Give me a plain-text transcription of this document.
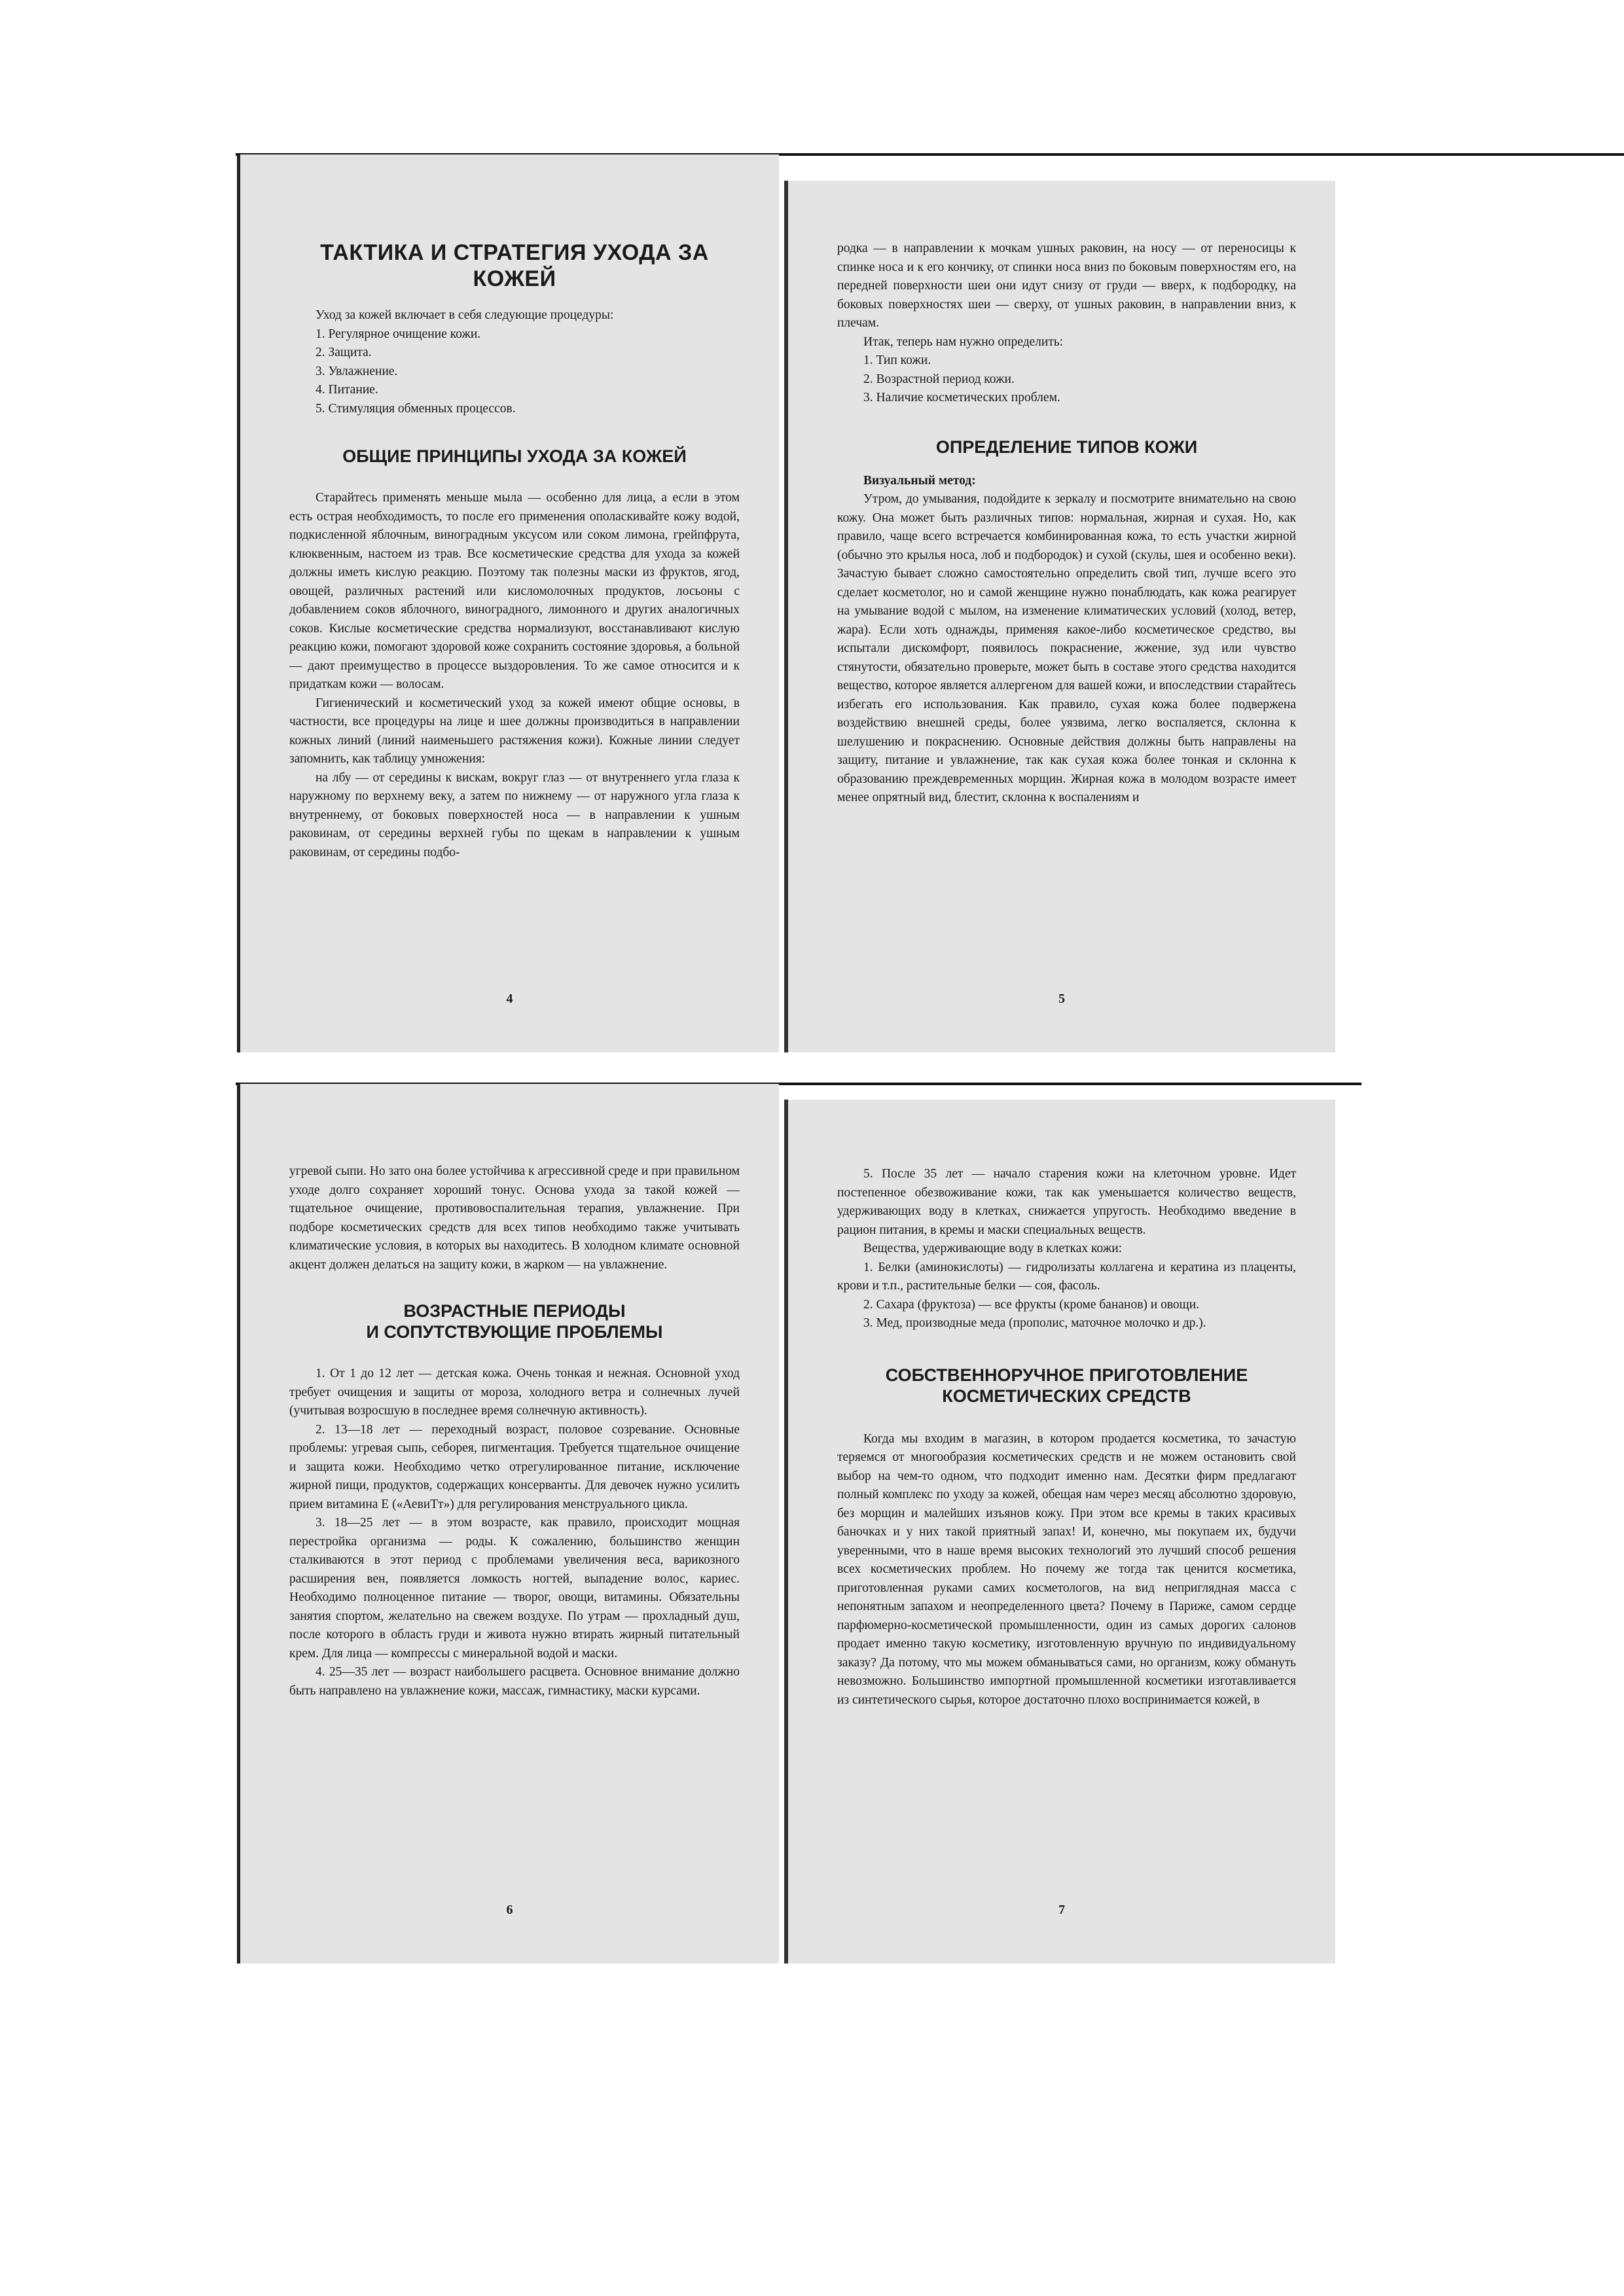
ТАКТИКА И СТРАТЕГИЯ УХОДА ЗА КОЖЕЙ

Уход за кожей включает в себя следующие процедуры:

1. Регулярное очищение кожи.
2. Защита.
3. Увлажнение.
4. Питание.
5. Стимуляция обменных процессов.
ОБЩИЕ ПРИНЦИПЫ УХОДА ЗА КОЖЕЙ

Старайтесь применять меньше мыла — особенно для лица, а если в этом есть острая необходимость, то после его применения ополаскивайте кожу водой, подкисленной яблочным, виноградным уксусом или соком лимона, грейпфрута, клюквенным, настоем из трав. Все косметические средства для ухода за кожей должны иметь кислую реакцию. Поэтому так полезны маски из фруктов, ягод, овощей, различных растений или кисломолочных продуктов, лосьоны с добавлением соков яблочного, виноградного, лимонного и других аналогичных соков. Кислые косметические средства нормализуют, восстанавливают кислую реакцию кожи, помогают здоровой коже сохранить состояние здоровья, а больной — дают преимущество в процессе выздоровления. То же самое относится и к придаткам кожи — волосам.

Гигиенический и косметический уход за кожей имеют общие основы, в частности, все процедуры на лице и шее должны производиться в направлении кожных линий (линий наименьшего растяжения кожи). Кожные линии следует запомнить, как таблицу умножения:

на лбу — от середины к вискам, вокруг глаз — от внутреннего угла глаза к наружному по верхнему веку, а затем по нижнему — от наружного угла глаза к внутреннему, от боковых поверхностей носа — в направлении к ушным раковинам, от середины верхней губы по щекам в направлении к ушным раковинам, от середины подбо-

4

родка — в направлении к мочкам ушных раковин, на носу — от переносицы к спинке носа и к его кончику, от спинки носа вниз по боковым поверхностям его, на передней поверхности шеи они идут снизу от груди — вверх, к подбородку, на боковых поверхностях шеи — сверху, от ушных раковин, в направлении вниз, к плечам.

Итак, теперь нам нужно определить:

1. Тип кожи.
2. Возрастной период кожи.
3. Наличие косметических проблем.
ОПРЕДЕЛЕНИЕ ТИПОВ КОЖИ
Визуальный метод:

Утром, до умывания, подойдите к зеркалу и посмотрите внимательно на свою кожу. Она может быть различных типов: нормальная, жирная и сухая. Но, как правило, чаще всего встречается комбинированная кожа, то есть участки жирной (обычно это крылья носа, лоб и подбородок) и сухой (скулы, шея и особенно веки). Зачастую бывает сложно самостоятельно определить свой тип, лучше всего это сделает косметолог, но и самой женщине нужно понаблюдать, как кожа реагирует на умывание водой с мылом, на изменение климатических условий (холод, ветер, жара). Если хоть однажды, применяя какое-либо косметическое средство, вы испытали дискомфорт, появилось покраснение, жжение, зуд или чувство стянутости, обязательно проверьте, может быть в составе этого средства находится вещество, которое является аллергеном для вашей кожи, и впоследствии старайтесь избегать его использования. Как правило, сухая кожа более подвержена воздействию внешней среды, более уязвима, легко воспаляется, склонна к шелушению и покраснению. Основные действия должны быть направлены на защиту, питание и увлажнение, так как сухая кожа более тонкая и склонна к образованию преждевременных морщин. Жирная кожа в молодом возрасте имеет менее опрятный вид, блестит, склонна к воспалениям и

5

угревой сыпи. Но зато она более устойчива к агрессивной среде и при правильном уходе долго сохраняет хороший тонус. Основа ухода за такой кожей — тщательное очищение, противовоспалительная терапия, увлажнение. При подборе косметических средств для всех типов необходимо также учитывать климатические условия, в которых вы находитесь. В холодном климате основной акцент должен делаться на защиту кожи, в жарком — на увлажнение.

ВОЗРАСТНЫЕ ПЕРИОДЫ
И СОПУТСТВУЮЩИЕ ПРОБЛЕМЫ

1. От 1 до 12 лет — детская кожа. Очень тонкая и нежная. Основной уход требует очищения и защиты от мороза, холодного ветра и солнечных лучей (учитывая возросшую в последнее время солнечную активность).

2. 13—18 лет — переходный возраст, половое созревание. Основные проблемы: угревая сыпь, себорея, пигментация. Требуется тщательное очищение и защита кожи. Необходимо четко отрегулированное питание, исключение жирной пищи, продуктов, содержащих консерванты. Для девочек нужно усилить прием витамина Е («АевиТт») для регулирования менструального цикла.

3. 18—25 лет — в этом возрасте, как правило, происходит мощная перестройка организма — роды. К сожалению, большинство женщин сталкиваются в этот период с проблемами увеличения веса, варикозного расширения вен, появляется ломкость ногтей, выпадение волос, кариес. Необходимо полноценное питание — творог, овощи, витамины. Обязательны занятия спортом, желательно на свежем воздухе. По утрам — прохладный душ, после которого в область груди и живота нужно втирать жирный питательный крем. Для лица — компрессы с минеральной водой и маски.

4. 25—35 лет — возраст наибольшего расцвета. Основное внимание должно быть направлено на увлажнение кожи, массаж, гимнастику, маски курсами.

6

5. После 35 лет — начало старения кожи на клеточном уровне. Идет постепенное обезвоживание кожи, так как уменьшается количество веществ, удерживающих воду в клетках, снижается упругость. Необходимо введение в рацион питания, в кремы и маски специальных веществ.

Вещества, удерживающие воду в клетках кожи:

1. Белки (аминокислоты) — гидролизаты коллагена и кератина из плаценты, крови и т.п., растительные белки — соя, фасоль.

2. Сахара (фруктоза) — все фрукты (кроме бананов) и овощи.

3. Мед, производные меда (прополис, маточное молочко и др.).

СОБСТВЕННОРУЧНОЕ ПРИГОТОВЛЕНИЕ
КОСМЕТИЧЕСКИХ СРЕДСТВ

Когда мы входим в магазин, в котором продается косметика, то зачастую теряемся от многообразия косметических средств и не можем остановить свой выбор на чем-то одном, что подходит именно нам. Десятки фирм предлагают полный комплекс по уходу за кожей, обещая нам через месяц абсолютно здоровую, без морщин и малейших изъянов кожу. При этом все кремы в таких красивых баночках и у них такой приятный запах! И, конечно, мы покупаем их, будучи уверенными, что в наше время высоких технологий это лучший способ решения всех косметических проблем. Но почему же тогда так ценится косметика, приготовленная руками самих косметологов, на вид неприглядная масса с непонятным запахом и неопределенного цвета? Почему в Париже, самом сердце парфюмерно-косметической промышленности, один из самых дорогих салонов продает именно такую косметику, изготовленную вручную по индивидуальному заказу? Да потому, что мы можем обманываться сами, но организм, кожу обмануть невозможно. Большинство импортной промышленной косметики изготавливается из синтетического сырья, которое достаточно плохо воспринимается кожей, в

7
